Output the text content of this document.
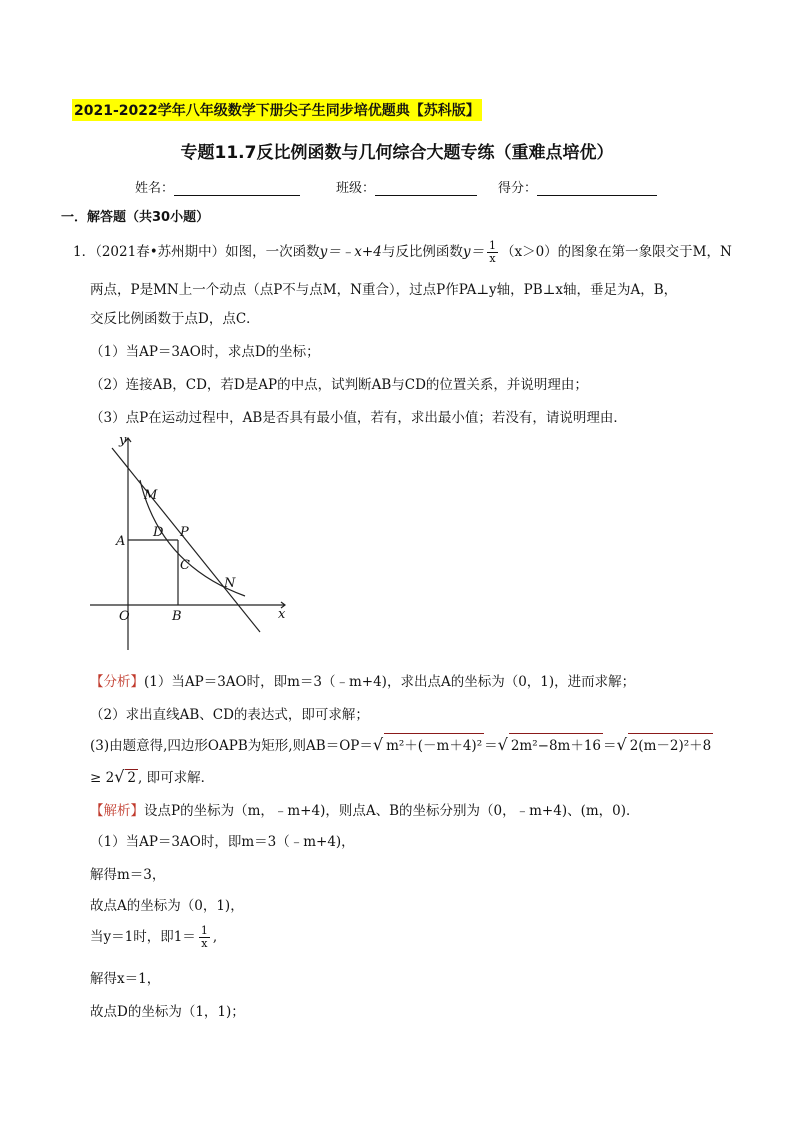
2021-2022学年八年级数学下册尖子生同步培优题典【苏科版】
专题11.7反比例函数与几何综合大题专练（重难点培优）
姓名：	班级：	得分：
一．解答题（共30小题）
1．（2021春•苏州期中）如图，一次函数y＝﹣x+4与反比例函数$y= \frac{1}{x} (x>0)$的图象在第一象限交于M，N
两点，P是MN上一个动点（点P不与点M，N重合），过点P作PA⊥y轴，PB⊥x轴，垂足为A，B，
交反比例函数于点D，点C．
（1）当AP＝3AO时，求点D的坐标；
（2）连接AB，CD，若D是AP的中点，试判断AB与CD的位置关系，并说明理由；
（3）点P在运动过程中，AB是否具有最小值，若有，求出最小值；若没有，请说明理由．
y
x
O
A
B
M
N
P
D
C
【分析】(1）当AP＝3AO时，即m＝3（﹣m+4)，求出点A的坐标为（0，1)，进而求解；
（2）求出直线AB、CD的表达式，即可求解；
(3)由题意得,四边形OAPB为矩形,则AB＝OP＝√ m²＋(－m＋4)² ＝√ 2m²−8m＋16 ＝√ 2(m－2)²＋8
≥ 2√ 2 , 即可求解．
【解析】设点P的坐标为（m，﹣m+4)，则点A、B的坐标分别为（0，﹣m+4)、(m，0)．
（1）当AP＝3AO时，即m＝3（﹣m+4)，
解得m＝3，
故点A的坐标为（0，1)，
当y＝1时，即$1= \frac{1}{x}$ ,
解得x＝1，
故点D的坐标为（1，1)；
